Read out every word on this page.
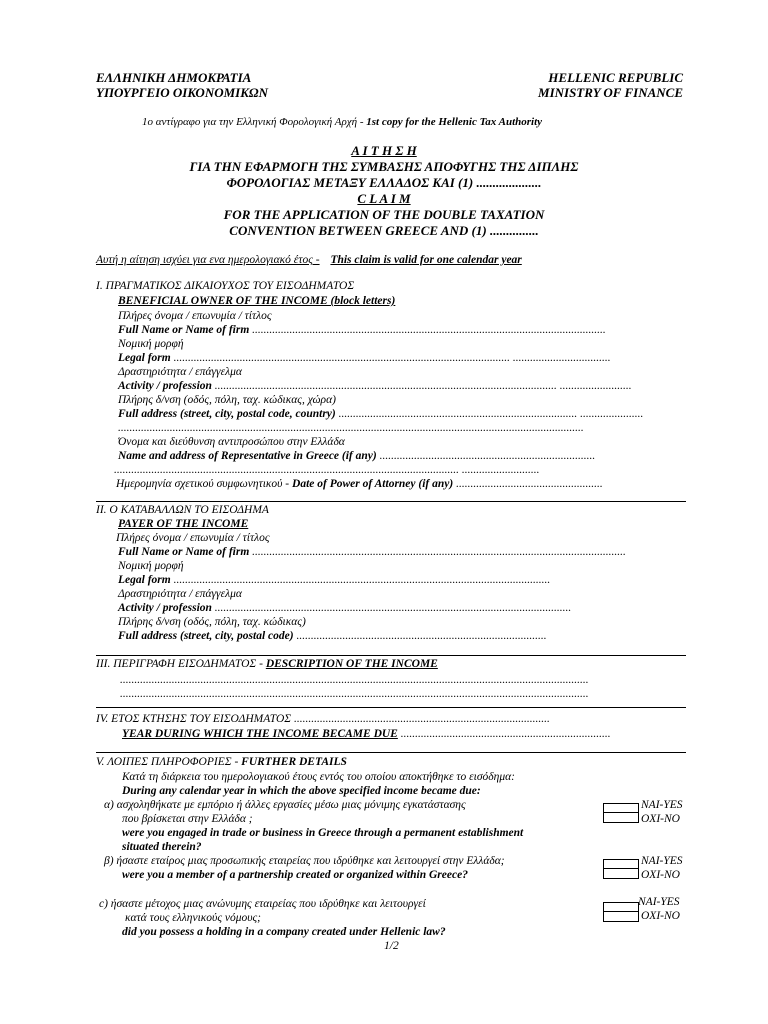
ΕΛΛΗΝΙΚΗ ΔΗΜΟΚΡΑΤΙΑ
ΥΠΟΥΡΓΕΙΟ ΟΙΚΟΝΟΜΙΚΩΝ
HELLENIC REPUBLIC
MINISTRY OF FINANCE
1ο αντίγραφο για την Ελληνική Φορολογική Αρχή - 1st copy for the Hellenic Tax Authority
Α Ι Τ Η Σ Η
ΓΙΑ ΤΗΝ ΕΦΑΡΜΟΓΗ ΤΗΣ ΣΥΜΒΑΣΗΣ ΑΠΟΦΥΓΗΣ ΤΗΣ ΔΙΠΛΗΣ
ΦΟΡΟΛΟΓΙΑΣ ΜΕΤΑΞΥ ΕΛΛΑΔΟΣ ΚΑΙ (1) ....................
C L A I M
FOR THE APPLICATION OF THE DOUBLE TAXATION
CONVENTION BETWEEN GREECE AND (1) ...............
Αυτή η αίτηση ισχύει για ενα ημερολογιακό έτος - This claim is valid for one calendar year
I. ΠΡΑΓΜΑΤΙΚΟΣ ΔΙΚΑΙΟΥΧΟΣ ΤΟΥ ΕΙΣΟΔΗΜΑΤΟΣ
BENEFICIAL OWNER OF THE INCOME (block letters)
Πλήρες όνομα / επωνυμία / τίτλος
Full Name or Name of firm ...........................................................................................................................
Νομική μορφή
Legal form ..................................................................................................................... ..................................
Δραστηριότητα / επάγγελμα
Activity / profession ....................................................................................................................... .........................
Πλήρης δ/νση (οδός, πόλη, ταχ. κώδικας, χώρα)
Full address (street, city, postal code, country) ................................................................................... ......................
..................................................................................................................................................................
Όνομα και διεύθυνση αντιπροσώπου στην Ελλάδα
Name and address of Representative in Greece (if any) ...........................................................................
........................................................................................................................ ...........................
Ημερομηνία σχετικού συμφωνητικού - Date of Power of Attorney (if any) ...................................................
II. Ο ΚΑΤΑΒΑΛΛΩΝ ΤΟ ΕΙΣΟΔΗΜΑ
PAYER OF THE INCOME
Πλήρες όνομα / επωνυμία / τίτλος
Full Name or Name of firm ..................................................................................................................................
Νομική μορφή
Legal form ...................................................................................................................................
Δραστηριότητα / επάγγελμα
Activity / profession ............................................................................................................................
Πλήρης δ/νση (οδός, πόλη, ταχ. κώδικας)
Full address (street, city, postal code) .......................................................................................
III. ΠΕΡΙΓΡΑΦΗ ΕΙΣΟΔΗΜΑΤΟΣ - DESCRIPTION OF THE INCOME
...................................................................................................................................................................
...................................................................................................................................................................
IV. ΕΤΟΣ ΚΤΗΣΗΣ ΤΟΥ ΕΙΣΟΔΗΜΑΤΟΣ .........................................................................................
YEAR DURING WHICH THE INCOME BECAME DUE .........................................................................
V. ΛΟΙΠΕΣ ΠΛΗΡΟΦΟΡΙΕΣ - FURTHER DETAILS
Κατά τη διάρκεια του ημερολογιακού έτους εντός του οποίου αποκτήθηκε το εισόδημα:
During any calendar year in which the above specified income became due:
α) ασχοληθήκατε με εμπόριο ή άλλες εργασίες μέσω μιας μόνιμης εγκατάστασης
που βρίσκεται στην Ελλάδα ;
were you engaged in trade or business in Greece through a permanent establishment
situated therein?
NAI-YES
OXI-NO
β) ήσαστε εταίρος μιας προσωπικής εταιρείας που ιδρύθηκε και λειτουργεί στην Ελλάδα;
were you a member of a partnership created or organized within Greece?
NAI-YES
OXI-NO
c) ήσαστε μέτοχος μιας ανώνυμης εταιρείας που ιδρύθηκε και λειτουργεί
κατά τους ελληνικούς νόμους;
did you possess a holding in a company created under Hellenic law?
NAI-YES
OXI-NO
1/2
